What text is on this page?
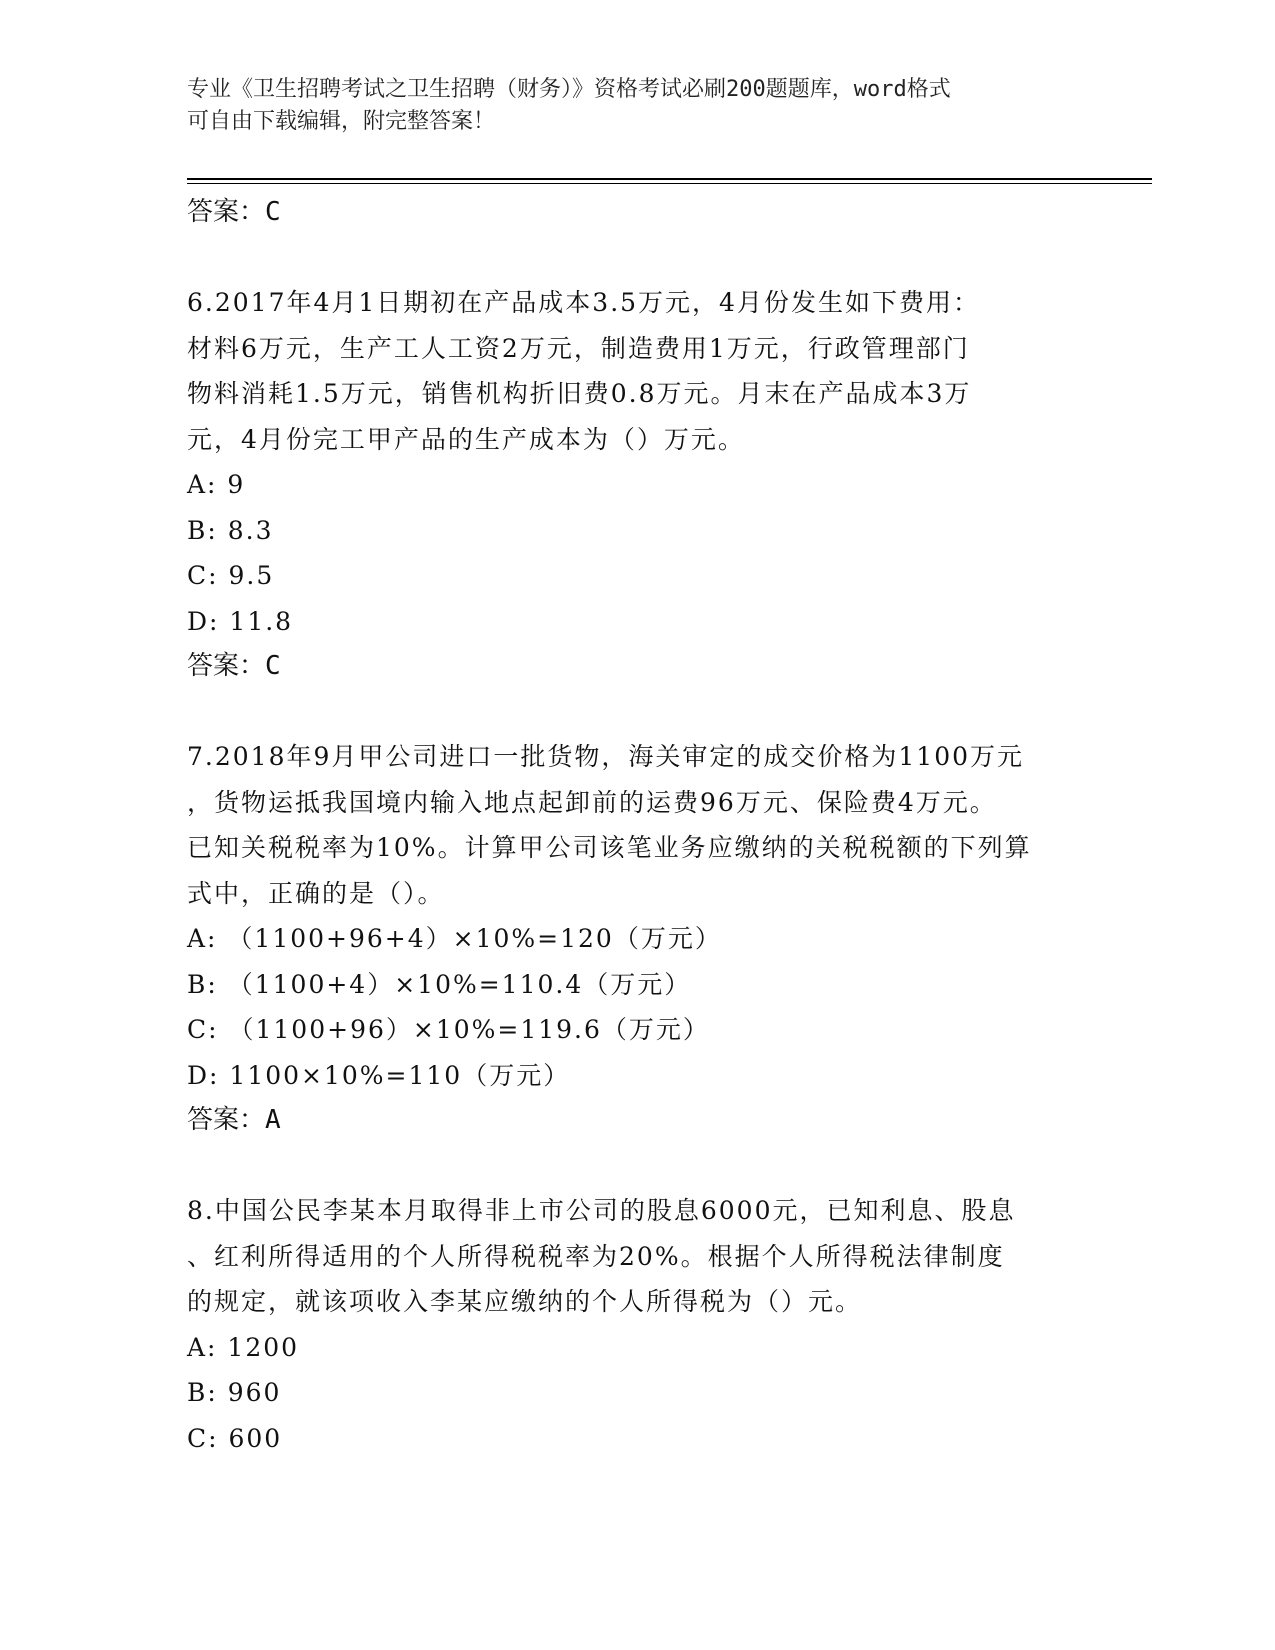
专业《卫生招聘考试之卫生招聘（财务）》资格考试必刷200题题库，word格式
可自由下载编辑，附完整答案！
答案：C
6.2017年4月1日期初在产品成本3.5万元，4月份发生如下费用：
材料6万元，生产工人工资2万元，制造费用1万元，行政管理部门
物料消耗1.5万元，销售机构折旧费0.8万元。月末在产品成本3万
元，4月份完工甲产品的生产成本为（）万元。
A: 9
B: 8.3
C: 9.5
D: 11.8
答案：C
7.2018年9月甲公司进口一批货物，海关审定的成交价格为1100万元
，货物运抵我国境内输入地点起卸前的运费96万元、保险费4万元。
已知关税税率为10%。计算甲公司该笔业务应缴纳的关税税额的下列算
式中，正确的是（）。
A: （1100+96+4）×10%=120（万元）
B: （1100+4）×10%=110.4（万元）
C: （1100+96）×10%=119.6（万元）
D: 1100×10%=110（万元）
答案：A
8.中国公民李某本月取得非上市公司的股息6000元，已知利息、股息
、红利所得适用的个人所得税税率为20%。根据个人所得税法律制度
的规定，就该项收入李某应缴纳的个人所得税为（）元。
A: 1200
B: 960
C: 600
